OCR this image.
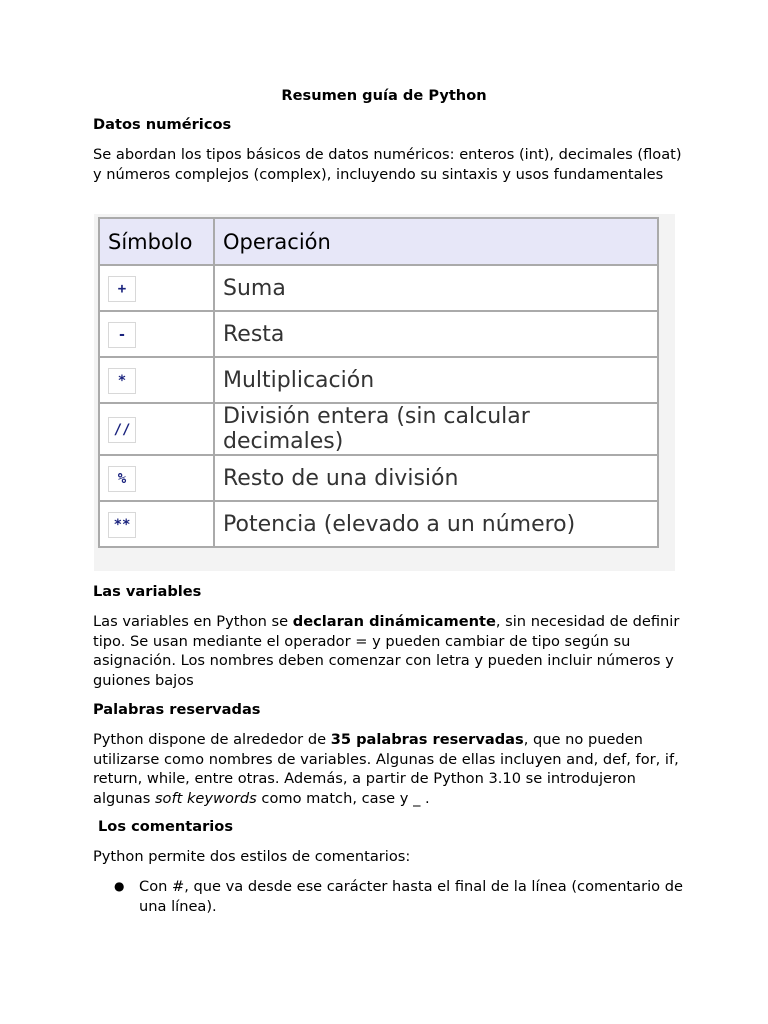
Resumen guía de Python
Datos numéricos
Se abordan los tipos básicos de datos numéricos: enteros (int), decimales (float) y números complejos (complex), incluyendo su sintaxis y usos fundamentales
Las variables
Las variables en Python se declaran dinámicamente, sin necesidad de definir tipo. Se usan mediante el operador = y pueden cambiar de tipo según su asignación. Los nombres deben comenzar con letra y pueden incluir números y guiones bajos
Palabras reservadas
Python dispone de alrededor de 35 palabras reservadas, que no pueden utilizarse como nombres de variables. Algunas de ellas incluyen and, def, for, if, return, while, entre otras. Además, a partir de Python 3.10 se introdujeron algunas soft keywords como match, case y _ .
Los comentarios
Python permite dos estilos de comentarios:
● Con #, que va desde ese carácter hasta el final de la línea (comentario de una línea).
Símbolo	Operación
+	Suma
-	Resta
*	Multiplicación
//	División entera (sin calcular decimales)
%	Resto de una división
**	Potencia (elevado a un número)
